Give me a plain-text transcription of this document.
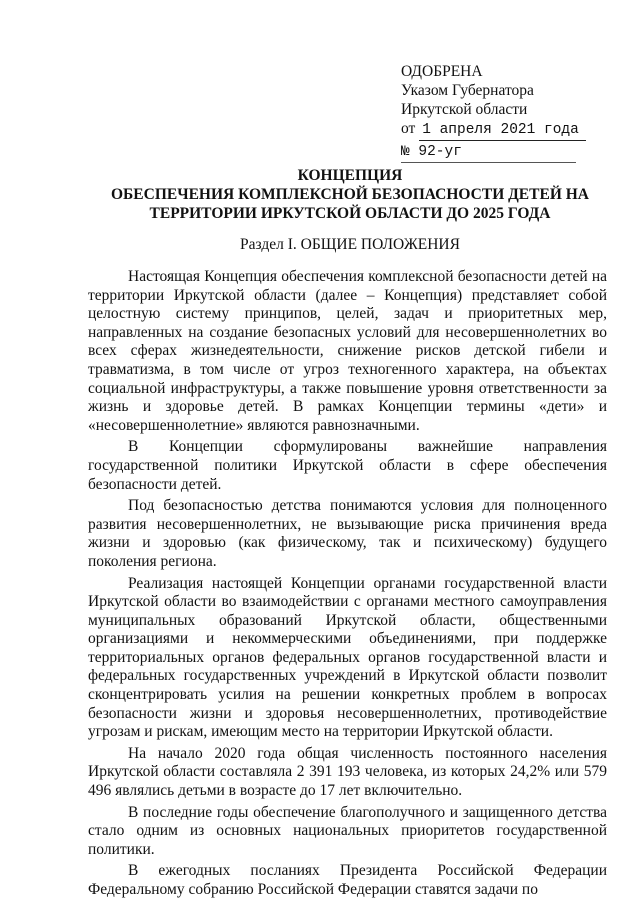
ОДОБРЕНА
Указом Губернатора
Иркутской области
от 1 апреля 2021 года
№ 92-уг
КОНЦЕПЦИЯ
ОБЕСПЕЧЕНИЯ КОМПЛЕКСНОЙ БЕЗОПАСНОСТИ ДЕТЕЙ НА
ТЕРРИТОРИИ ИРКУТСКОЙ ОБЛАСТИ ДО 2025 ГОДА
Раздел I. ОБЩИЕ ПОЛОЖЕНИЯ

Настоящая Концепция обеспечения комплексной безопасности детей на территории Иркутской области (далее – Концепция) представляет собой целостную систему принципов, целей, задач и приоритетных мер, направленных на создание безопасных условий для несовершеннолетних во всех сферах жизнедеятельности, снижение рисков детской гибели и травматизма, в том числе от угроз техногенного характера, на объектах социальной инфраструктуры, а также повышение уровня ответственности за жизнь и здоровье детей. В рамках Концепции термины «дети» и «несовершеннолетние» являются равнозначными.

В Концепции сформулированы важнейшие направления государственной политики Иркутской области в сфере обеспечения безопасности детей.

Под безопасностью детства понимаются условия для полноценного развития несовершеннолетних, не вызывающие риска причинения вреда жизни и здоровью (как физическому, так и психическому) будущего поколения региона.

Реализация настоящей Концепции органами государственной власти Иркутской области во взаимодействии с органами местного самоуправления муниципальных образований Иркутской области, общественными организациями и некоммерческими объединениями, при поддержке территориальных органов федеральных органов государственной власти и федеральных государственных учреждений в Иркутской области позволит сконцентрировать усилия на решении конкретных проблем в вопросах безопасности жизни и здоровья несовершеннолетних, противодействие угрозам и рискам, имеющим место на территории Иркутской области.

На начало 2020 года общая численность постоянного населения Иркутской области составляла 2 391 193 человека, из которых 24,2% или 579 496 являлись детьми в возрасте до 17 лет включительно.

В последние годы обеспечение благополучного и защищенного детства стало одним из основных национальных приоритетов государственной политики.

В ежегодных посланиях Президента Российской Федерации Федеральному собранию Российской Федерации ставятся задачи по
